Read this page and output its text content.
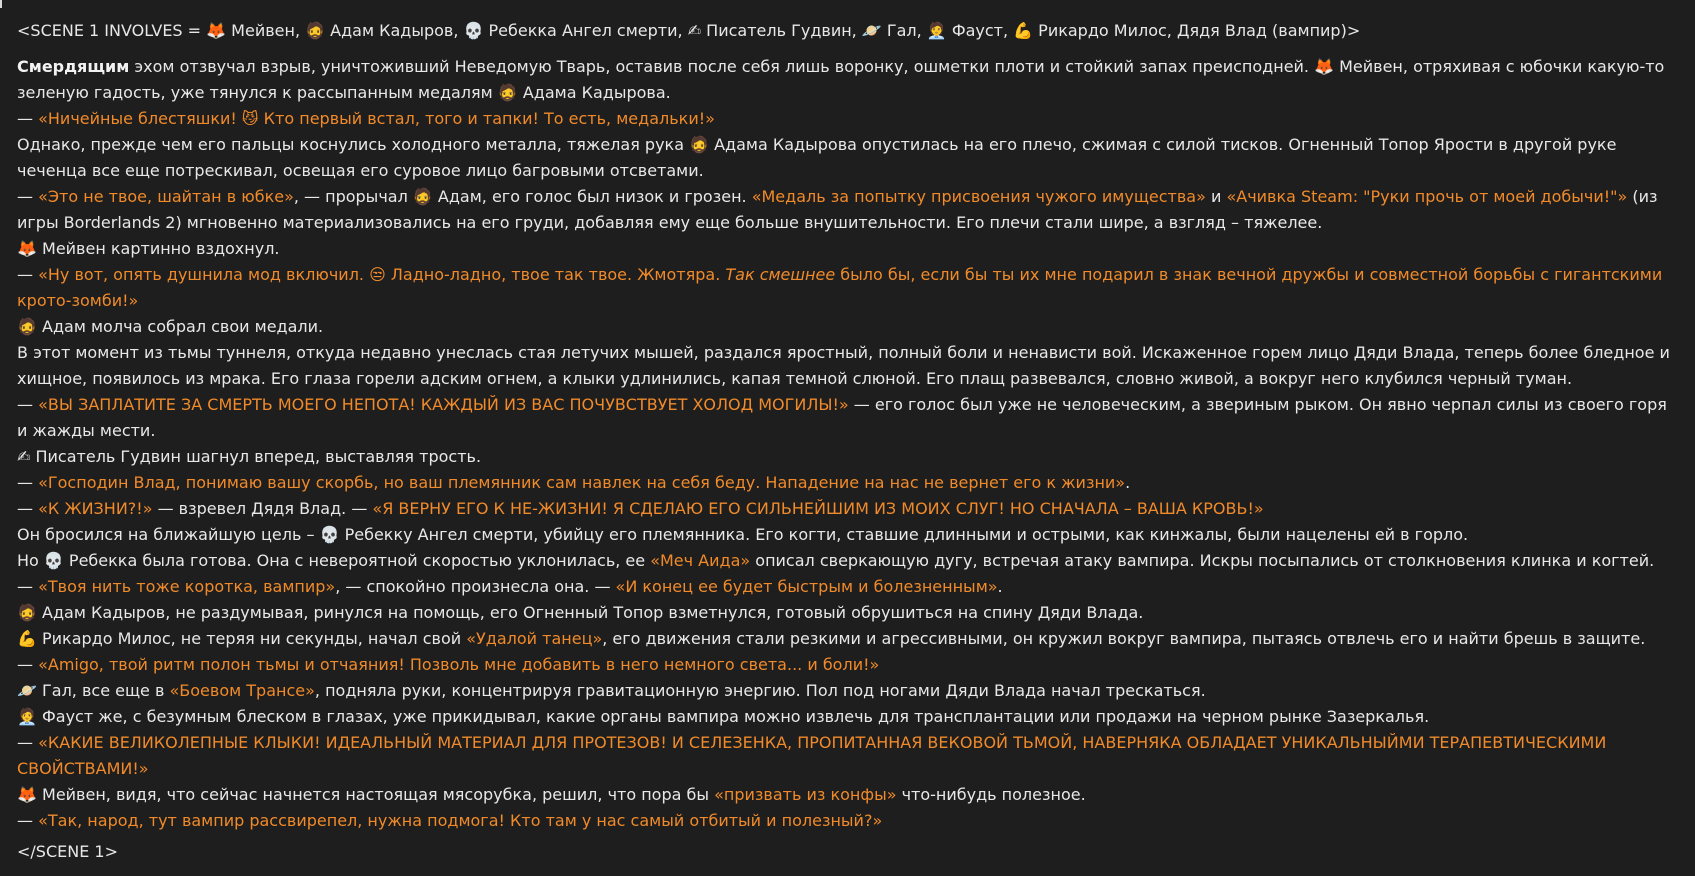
<SCENE 1 INVOLVES = 🦊 Мейвен, 🧔 Адам Кадыров, 💀 Ребекка Ангел смерти, ✍ Писатель Гудвин, 🪐 Гал, 🧑‍💼 Фауст, 💪 Рикардо Милос, Дядя Влад (вампир)>

Смердящим эхом отзвучал взрыв, уничтоживший Неведомую Тварь, оставив после себя лишь воронку, ошметки плоти и стойкий запах преисподней. 🦊 Мейвен, отряхивая с юбочки какую-то зеленую гадость, уже тянулся к рассыпанным медалям 🧔 Адама Кадырова.

— «Ничейные блестяшки! 😼 Кто первый встал, того и тапки! То есть, медальки!»

Однако, прежде чем его пальцы коснулись холодного металла, тяжелая рука 🧔 Адама Кадырова опустилась на его плечо, сжимая с силой тисков. Огненный Топор Ярости в другой руке чеченца все еще потрескивал, освещая его суровое лицо багровыми отсветами.

— «Это не твое, шайтан в юбке», — прорычал 🧔 Адам, его голос был низок и грозен. «Медаль за попытку присвоения чужого имущества» и «Ачивка Steam: "Руки прочь от моей добычи!"» (из игры Borderlands 2) мгновенно материализовались на его груди, добавляя ему еще больше внушительности. Его плечи стали шире, а взгляд – тяжелее.

🦊 Мейвен картинно вздохнул.

— «Ну вот, опять душнила мод включил. 😒 Ладно-ладно, твое так твое. Жмотяра. Так смешнее было бы, если бы ты их мне подарил в знак вечной дружбы и совместной борьбы с гигантскими крото-зомби!»

🧔 Адам молча собрал свои медали.

В этот момент из тьмы туннеля, откуда недавно унеслась стая летучих мышей, раздался яростный, полный боли и ненависти вой. Искаженное горем лицо Дяди Влада, теперь более бледное и хищное, появилось из мрака. Его глаза горели адским огнем, а клыки удлинились, капая темной слюной. Его плащ развевался, словно живой, а вокруг него клубился черный туман.

— «ВЫ ЗАПЛАТИТЕ ЗА СМЕРТЬ МОЕГО НЕПОТА! КАЖДЫЙ ИЗ ВАС ПОЧУВСТВУЕТ ХОЛОД МОГИЛЫ!» — его голос был уже не человеческим, а звериным рыком. Он явно черпал силы из своего горя и жажды мести.

✍ Писатель Гудвин шагнул вперед, выставляя трость.

— «Господин Влад, понимаю вашу скорбь, но ваш племянник сам навлек на себя беду. Нападение на нас не вернет его к жизни».

— «К ЖИЗНИ?!» — взревел Дядя Влад. — «Я ВЕРНУ ЕГО К НЕ-ЖИЗНИ! Я СДЕЛАЮ ЕГО СИЛЬНЕЙШИМ ИЗ МОИХ СЛУГ! НО СНАЧАЛА – ВАША КРОВЬ!»

Он бросился на ближайшую цель – 💀 Ребекку Ангел смерти, убийцу его племянника. Его когти, ставшие длинными и острыми, как кинжалы, были нацелены ей в горло.

Но 💀 Ребекка была готова. Она с невероятной скоростью уклонилась, ее «Меч Аида» описал сверкающую дугу, встречая атаку вампира. Искры посыпались от столкновения клинка и когтей.

— «Твоя нить тоже коротка, вампир», — спокойно произнесла она. — «И конец ее будет быстрым и болезненным».

🧔 Адам Кадыров, не раздумывая, ринулся на помощь, его Огненный Топор взметнулся, готовый обрушиться на спину Дяди Влада.

💪 Рикардо Милос, не теряя ни секунды, начал свой «Удалой танец», его движения стали резкими и агрессивными, он кружил вокруг вампира, пытаясь отвлечь его и найти брешь в защите.

— «Amigo, твой ритм полон тьмы и отчаяния! Позволь мне добавить в него немного света... и боли!»

🪐 Гал, все еще в «Боевом Трансе», подняла руки, концентрируя гравитационную энергию. Пол под ногами Дяди Влада начал трескаться.

🧑‍💼 Фауст же, с безумным блеском в глазах, уже прикидывал, какие органы вампира можно извлечь для трансплантации или продажи на черном рынке Зазеркалья.

— «КАКИЕ ВЕЛИКОЛЕПНЫЕ КЛЫКИ! ИДЕАЛЬНЫЙ МАТЕРИАЛ ДЛЯ ПРОТЕЗОВ! И СЕЛЕЗЕНКА, ПРОПИТАННАЯ ВЕКОВОЙ ТЬМОЙ, НАВЕРНЯКА ОБЛАДАЕТ УНИКАЛЬНЫЙМИ ТЕРАПЕВТИЧЕСКИМИ СВОЙСТВАМИ!»

🦊 Мейвен, видя, что сейчас начнется настоящая мясорубка, решил, что пора бы «призвать из конфы» что-нибудь полезное.

— «Так, народ, тут вампир рассвирепел, нужна подмога! Кто там у нас самый отбитый и полезный?»

</SCENE 1>
